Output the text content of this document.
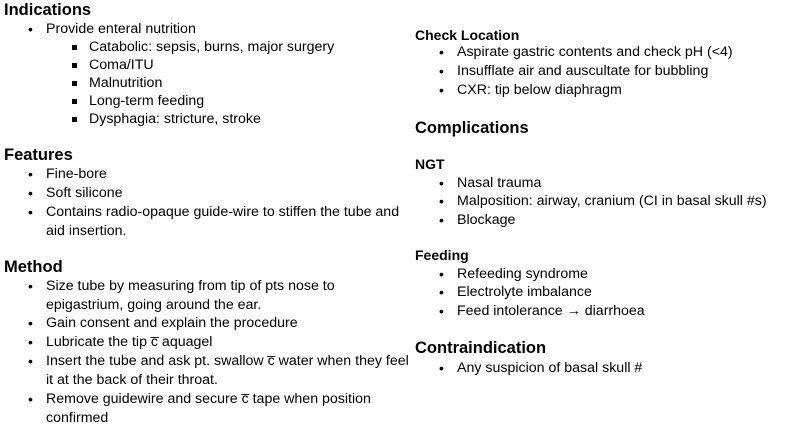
Indications
• Provide enteral nutrition
Catabolic: sepsis, burns, major surgery
Coma/ITU
Malnutrition
Long-term feeding
Dysphagia: stricture, stroke
Features
• Fine-bore
• Soft silicone
• Contains radio-opaque guide-wire to stiffen the tube and aid insertion.
Method
• Size tube by measuring from tip of pts nose to epigastrium, going around the ear.
• Gain consent and explain the procedure
• Lubricate the tip c̅ aquagel
• Insert the tube and ask pt. swallow c̅ water when they feel it at the back of their throat.
• Remove guidewire and secure c̅ tape when position confirmed
Check Location
• Aspirate gastric contents and check pH (<4)
• Insufflate air and auscultate for bubbling
• CXR: tip below diaphragm
Complications
NGT
• Nasal trauma
• Malposition: airway, cranium (CI in basal skull #s)
• Blockage
Feeding
• Refeeding syndrome
• Electrolyte imbalance
• Feed intolerance → diarrhoea
Contraindication
• Any suspicion of basal skull #
